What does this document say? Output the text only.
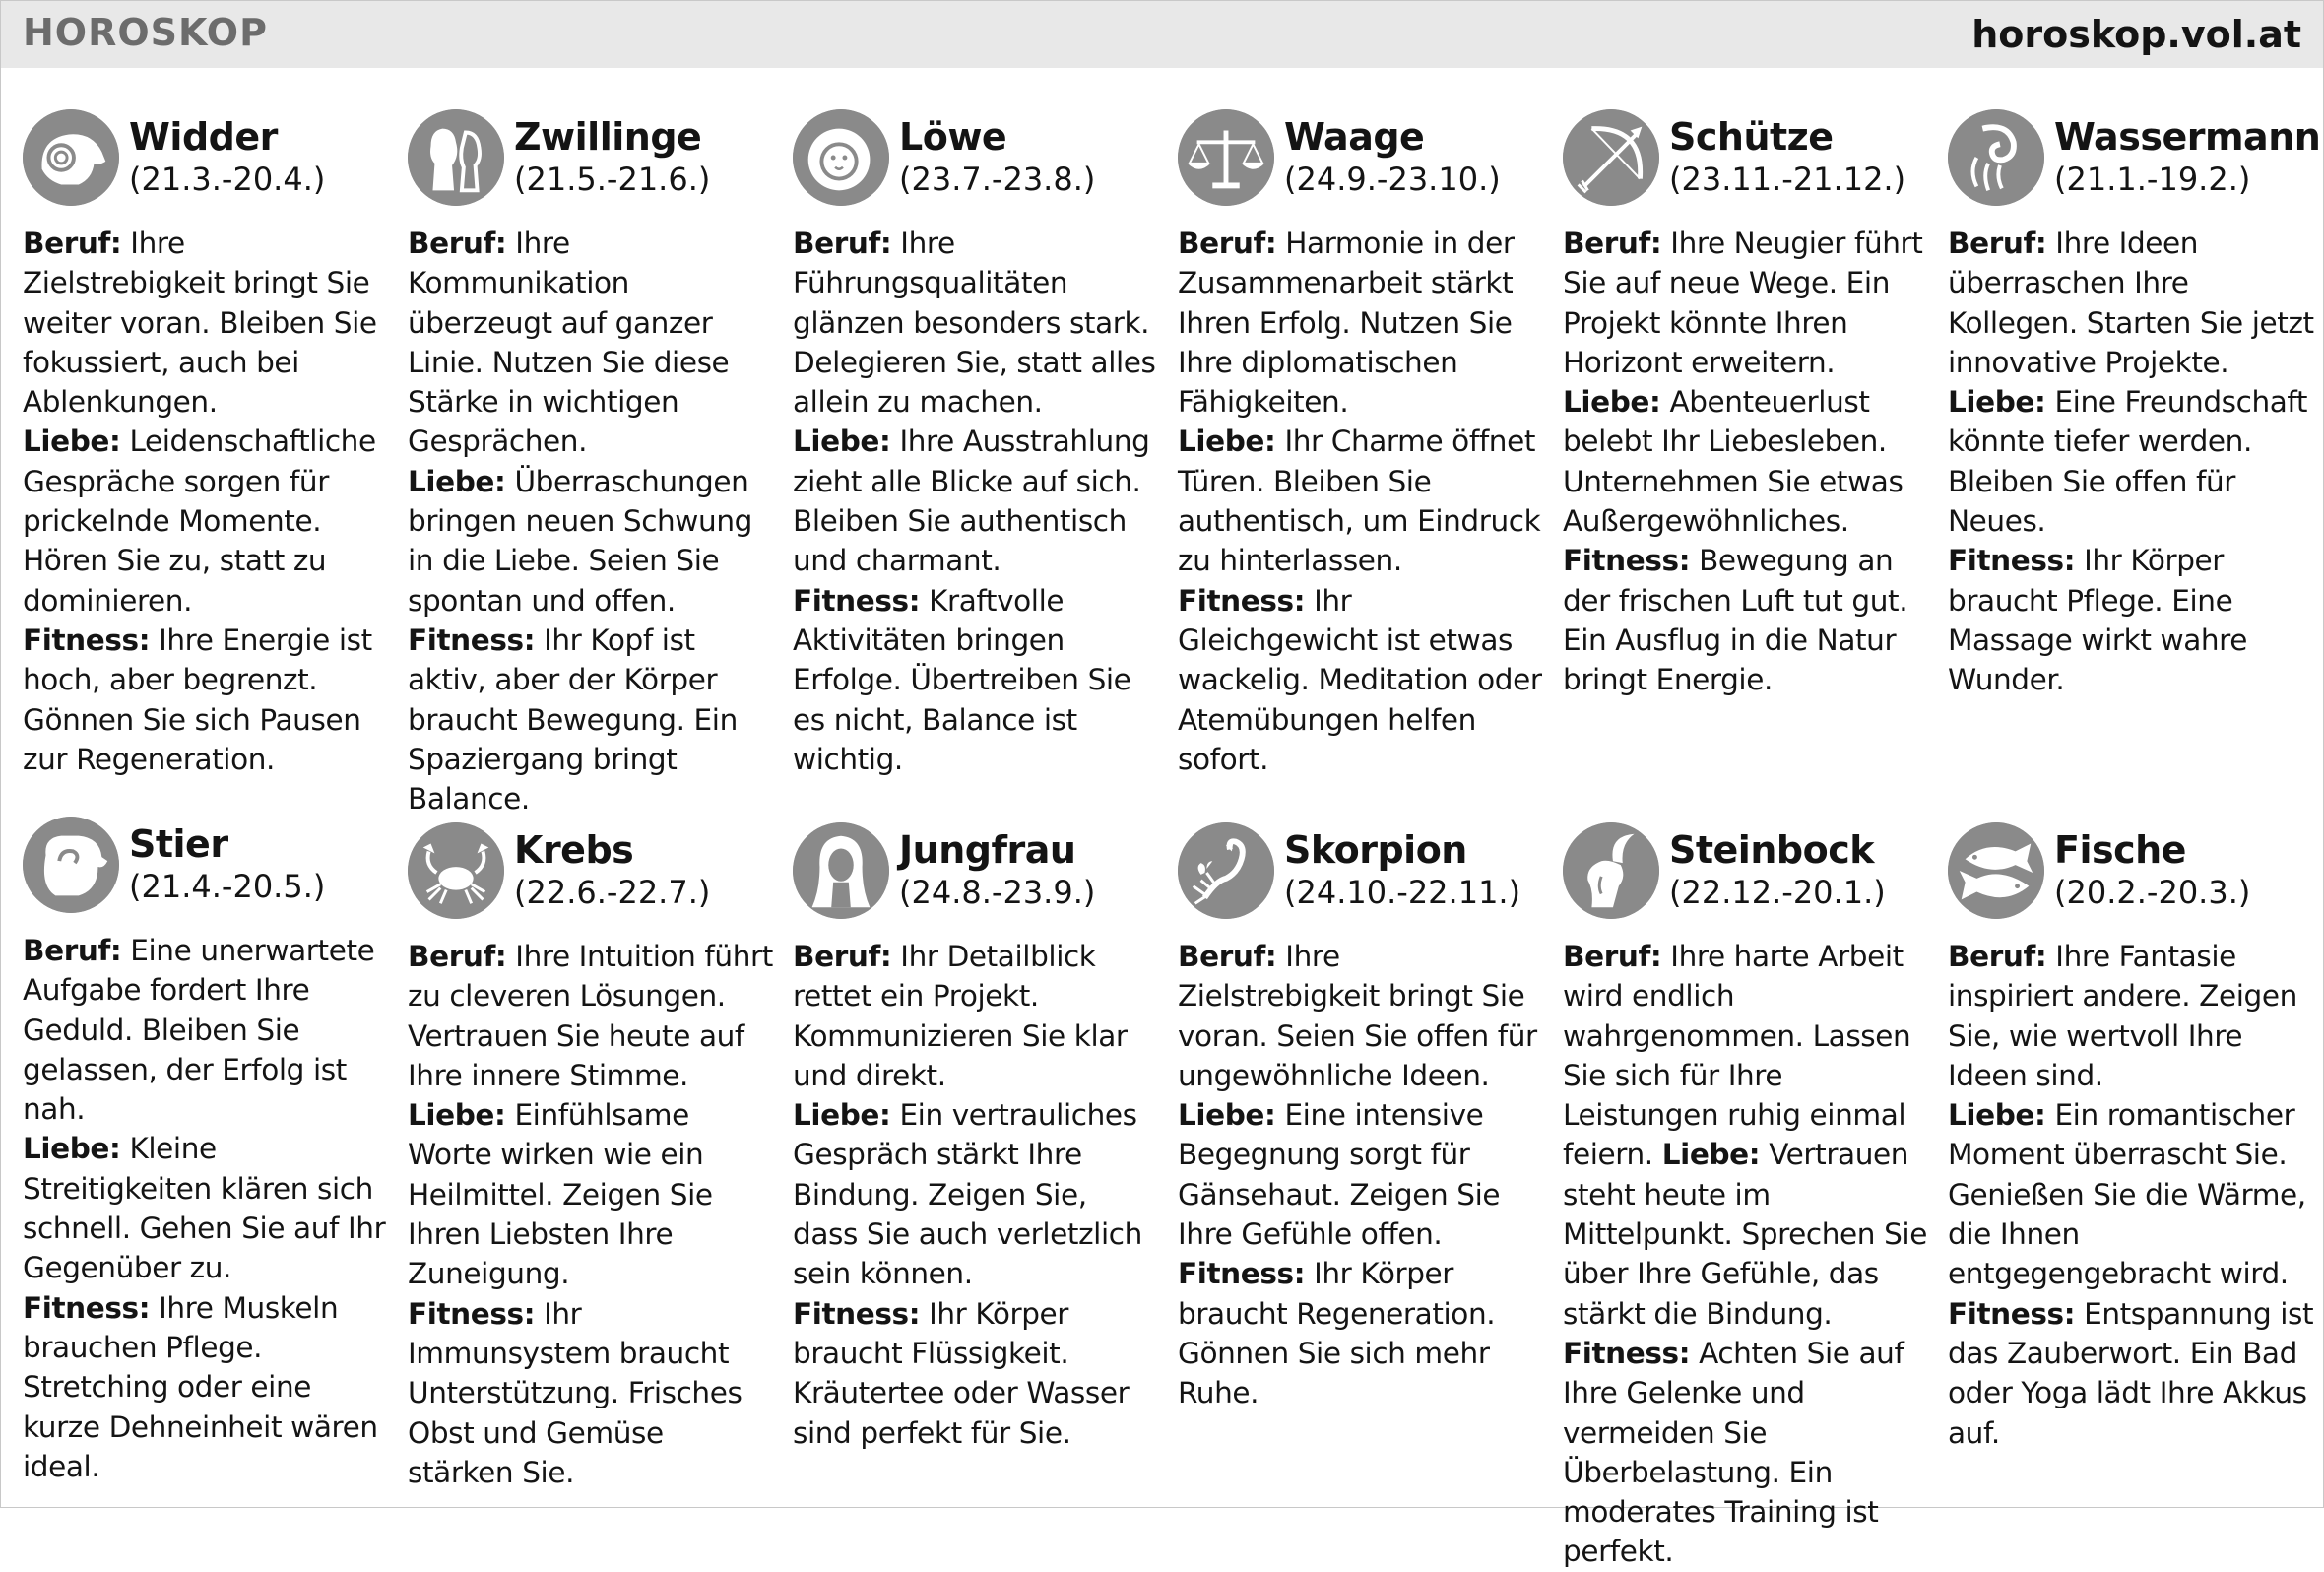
HOROSKOP	horoskop.vol.at
Widder
(21.3.-20.4.)

Beruf: Ihre Zielstrebigkeit bringt Sie weiter voran. Bleiben Sie fokussiert, auch bei Ablenkungen.

Liebe: Leidenschaftliche Gespräche sorgen für prickelnde Momente. Hören Sie zu, statt zu dominieren.

Fitness: Ihre Energie ist hoch, aber begrenzt. Gönnen Sie sich Pausen zur Regeneration.

Zwillinge
(21.5.-21.6.)

Beruf: Ihre Kommunikation überzeugt auf ganzer Linie. Nutzen Sie diese Stärke in wichtigen Gesprächen.

Liebe: Überraschungen bringen neuen Schwung in die Liebe. Seien Sie spontan und offen.

Fitness: Ihr Kopf ist aktiv, aber der Körper braucht Bewegung. Ein Spaziergang bringt Balance.

Löwe
(23.7.-23.8.)

Beruf: Ihre Führungsqualitäten glänzen besonders stark. Delegieren Sie, statt alles allein zu machen.

Liebe: Ihre Ausstrahlung zieht alle Blicke auf sich. Bleiben Sie authentisch und charmant.

Fitness: Kraftvolle Aktivitäten bringen Erfolge. Übertreiben Sie es nicht, Balance ist wichtig.

Waage
(24.9.-23.10.)

Beruf: Harmonie in der Zusammenarbeit stärkt Ihren Erfolg. Nutzen Sie Ihre diplomatischen Fähigkeiten.

Liebe: Ihr Charme öffnet Türen. Bleiben Sie authentisch, um Eindruck zu hinterlassen.

Fitness: Ihr Gleichgewicht ist etwas wackelig. Meditation oder Atemübungen helfen sofort.

Schütze
(23.11.-21.12.)

Beruf: Ihre Neugier führt Sie auf neue Wege. Ein Projekt könnte Ihren Horizont erweitern.

Liebe: Abenteuerlust belebt Ihr Liebesleben. Unternehmen Sie etwas Außergewöhnliches.

Fitness: Bewegung an der frischen Luft tut gut. Ein Ausflug in die Natur bringt Energie.

Wassermann
(21.1.-19.2.)

Beruf: Ihre Ideen überraschen Ihre Kollegen. Starten Sie jetzt innovative Projekte.

Liebe: Eine Freundschaft könnte tiefer werden. Bleiben Sie offen für Neues.

Fitness: Ihr Körper braucht Pflege. Eine Massage wirkt wahre Wunder.

Stier
(21.4.-20.5.)

Beruf: Eine unerwartete Aufgabe fordert Ihre Geduld. Bleiben Sie gelassen, der Erfolg ist nah.

Liebe: Kleine Streitigkeiten klären sich schnell. Gehen Sie auf Ihr Gegenüber zu.

Fitness: Ihre Muskeln brauchen Pflege. Stretching oder eine kurze Dehneinheit wären ideal.

Krebs
(22.6.-22.7.)

Beruf: Ihre Intuition führt zu cleveren Lösungen. Vertrauen Sie heute auf Ihre innere Stimme.

Liebe: Einfühlsame Worte wirken wie ein Heilmittel. Zeigen Sie Ihren Liebsten Ihre Zuneigung.

Fitness: Ihr Immunsystem braucht Unterstützung. Frisches Obst und Gemüse stärken Sie.

Jungfrau
(24.8.-23.9.)

Beruf: Ihr Detailblick rettet ein Projekt. Kommunizieren Sie klar und direkt.

Liebe: Ein vertrauliches Gespräch stärkt Ihre Bindung. Zeigen Sie, dass Sie auch verletzlich sein können.

Fitness: Ihr Körper braucht Flüssigkeit. Kräutertee oder Wasser sind perfekt für Sie.

Skorpion
(24.10.-22.11.)

Beruf: Ihre Zielstrebigkeit bringt Sie voran. Seien Sie offen für ungewöhnliche Ideen.

Liebe: Eine intensive Begegnung sorgt für Gänsehaut. Zeigen Sie Ihre Gefühle offen.

Fitness: Ihr Körper braucht Regeneration. Gönnen Sie sich mehr Ruhe.

Steinbock
(22.12.-20.1.)

Beruf: Ihre harte Arbeit wird endlich wahrgenommen. Lassen Sie sich für Ihre Leistungen ruhig einmal feiern. Liebe: Vertrauen steht heute im Mittelpunkt. Sprechen Sie über Ihre Gefühle, das stärkt die Bindung.

Fitness: Achten Sie auf Ihre Gelenke und vermeiden Sie Überbelastung. Ein moderates Training ist perfekt.

Fische
(20.2.-20.3.)

Beruf: Ihre Fantasie inspiriert andere. Zeigen Sie, wie wertvoll Ihre Ideen sind.

Liebe: Ein romantischer Moment überrascht Sie. Genießen Sie die Wärme, die Ihnen entgegengebracht wird.

Fitness: Entspannung ist das Zauberwort. Ein Bad oder Yoga lädt Ihre Akkus auf.
